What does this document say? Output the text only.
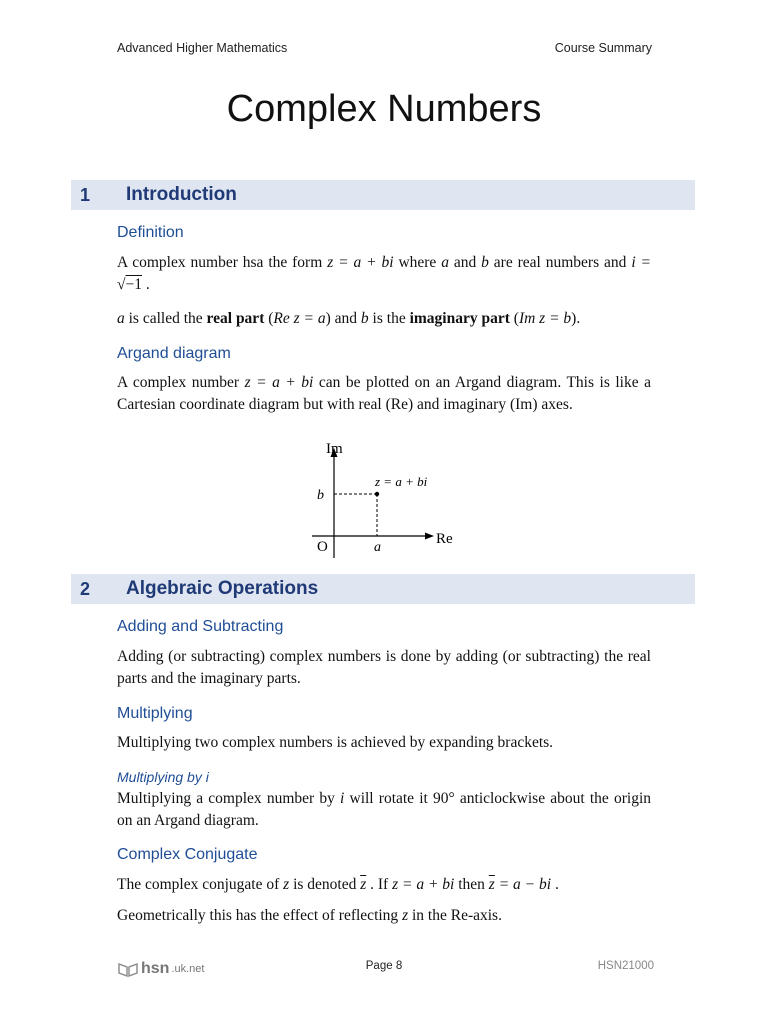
Advanced Higher Mathematics	Course Summary
Complex Numbers
1	Introduction
Definition
A complex number hsa the form z = a + bi where a and b are real numbers and i = √−1 .
a is called the real part (Re z = a) and b is the imaginary part (Im z = b).
Argand diagram
A complex number z = a + bi can be plotted on an Argand diagram. This is like a Cartesian coordinate diagram but with real (Re) and imaginary (Im) axes.
Im
Re
O
z = a + bi
a
b
2	Algebraic Operations
Adding and Subtracting
Adding (or subtracting) complex numbers is done by adding (or subtracting) the real parts and the imaginary parts.
Multiplying
Multiplying two complex numbers is achieved by expanding brackets.
Multiplying by i
Multiplying a complex number by i will rotate it 90° anticlockwise about the origin on an Argand diagram.
Complex Conjugate
The complex conjugate of z is denoted $\overline{z}$ . If z = a + bi then $\overline{z} = a$ − bi .
Geometrically this has the effect of reflecting z in the Re-axis.
hsn .uk.net	Page 8	HSN21000
